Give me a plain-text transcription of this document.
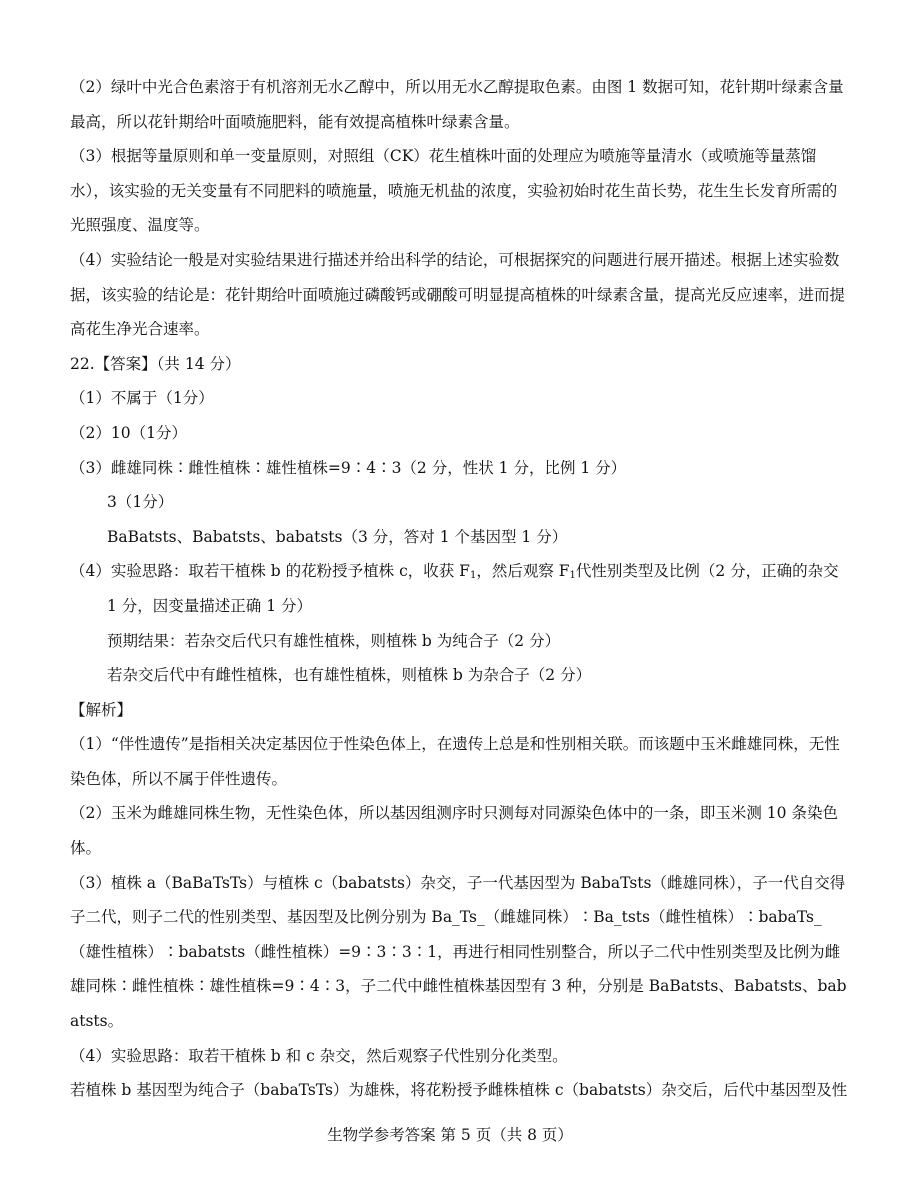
（2）绿叶中光合色素溶于有机溶剂无水乙醇中，所以用无水乙醇提取色素。由图 1 数据可知，花针期叶绿素含量最高，所以花针期给叶面喷施肥料，能有效提高植株叶绿素含量。

（3）根据等量原则和单一变量原则，对照组（CK）花生植株叶面的处理应为喷施等量清水（或喷施等量蒸馏水），该实验的无关变量有不同肥料的喷施量，喷施无机盐的浓度，实验初始时花生苗长势，花生生长发育所需的光照强度、温度等。

（4）实验结论一般是对实验结果进行描述并给出科学的结论，可根据探究的问题进行展开描述。根据上述实验数据，该实验的结论是：花针期给叶面喷施过磷酸钙或硼酸可明显提高植株的叶绿素含量，提高光反应速率，进而提高花生净光合速率。

22.【答案】（共 14 分）

（1）不属于（1分）

（2）10（1分）

（3）雌雄同株∶雌性植株∶雄性植株=9∶4∶3（2 分，性状 1 分，比例 1 分）

3（1分）

BaBatsts、Babatsts、babatsts（3 分，答对 1 个基因型 1 分）

（4）实验思路：取若干植株 b 的花粉授予植株 c，收获 $F_1$，然后观察 $F_1$代性别类型及比例（2 分，正确的杂交 1 分，因变量描述正确 1 分）

预期结果：若杂交后代只有雄性植株，则植株 b 为纯合子（2 分）

若杂交后代中有雌性植株，也有雄性植株，则植株 b 为杂合子（2 分）

【解析】

（1）“伴性遗传”是指相关决定基因位于性染色体上，在遗传上总是和性别相关联。而该题中玉米雌雄同株，无性染色体，所以不属于伴性遗传。

（2）玉米为雌雄同株生物，无性染色体，所以基因组测序时只测每对同源染色体中的一条，即玉米测 10 条染色体。

（3）植株 a（BaBaTsTs）与植株 c（babatsts）杂交，子一代基因型为 BabaTsts（雌雄同株），子一代自交得子二代，则子二代的性别类型、基因型及比例分别为 Ba_Ts_（雌雄同株）∶Ba_tsts（雌性植株）∶babaTs_（雄性植株）∶babatsts（雌性植株）=9∶3∶3∶1，再进行相同性别整合，所以子二代中性别类型及比例为雌雄同株∶雌性植株∶雄性植株=9∶4∶3，子二代中雌性植株基因型有 3 种，分别是 BaBatsts、Babatsts、babatsts。

（4）实验思路：取若干植株 b 和 c 杂交，然后观察子代性别分化类型。

若植株 b 基因型为纯合子（babaTsTs）为雄株，将花粉授予雌株植株 c（babatsts）杂交后，后代中基因型及性

生物学参考答案 第 5 页（共 8 页）
